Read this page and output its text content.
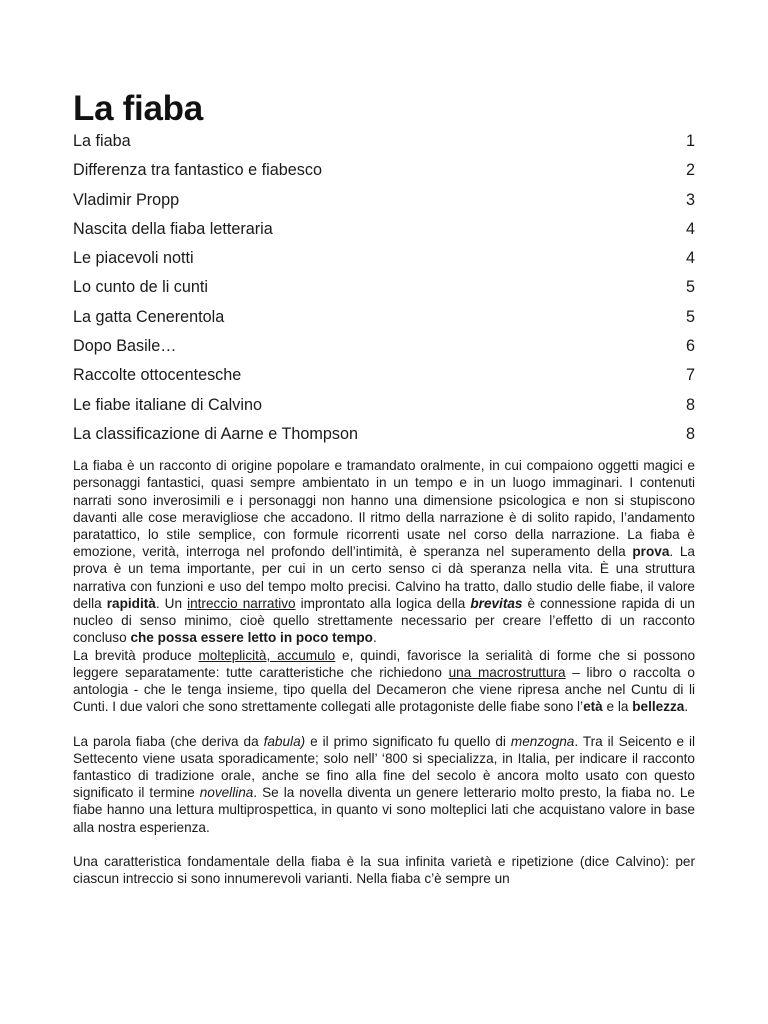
La fiaba
La fiaba	1
Differenza tra fantastico e fiabesco	2
Vladimir Propp	3
Nascita della fiaba letteraria	4
Le piacevoli notti	4
Lo cunto de li cunti	5
La gatta Cenerentola	5
Dopo Basile…	6
Raccolte ottocentesche	7
Le fiabe italiane di Calvino	8
La classificazione di Aarne e Thompson	8

La fiaba è un racconto di origine popolare e tramandato oralmente, in cui compaiono oggetti magici e personaggi fantastici, quasi sempre ambientato in un tempo e in un luogo immaginari. I contenuti narrati sono inverosimili e i personaggi non hanno una dimensione psicologica e non si stupiscono davanti alle cose meravigliose che accadono. Il ritmo della narrazione è di solito rapido, l’andamento paratattico, lo stile semplice, con formule ricorrenti usate nel corso della narrazione. La fiaba è emozione, verità, interroga nel profondo dell’intimità, è speranza nel superamento della prova. La prova è un tema importante, per cui in un certo senso ci dà speranza nella vita. È una struttura narrativa con funzioni e uso del tempo molto precisi. Calvino ha tratto, dallo studio delle fiabe, il valore della rapidità. Un intreccio narrativo improntato alla logica della brevitas è connessione rapida di un nucleo di senso minimo, cioè quello strettamente necessario per creare l’effetto di un racconto concluso che possa essere letto in poco tempo.

La brevità produce molteplicità, accumulo e, quindi, favorisce la serialità di forme che si possono leggere separatamente: tutte caratteristiche che richiedono una macrostruttura – libro o raccolta o antologia - che le tenga insieme, tipo quella del Decameron che viene ripresa anche nel Cuntu di li Cunti. I due valori che sono strettamente collegati alle protagoniste delle fiabe sono l’età e la bellezza.

La parola fiaba (che deriva da fabula) e il primo significato fu quello di menzogna. Tra il Seicento e il Settecento viene usata sporadicamente; solo nell’ ‘800 si specializza, in Italia, per indicare il racconto fantastico di tradizione orale, anche se fino alla fine del secolo è ancora molto usato con questo significato il termine novellina. Se la novella diventa un genere letterario molto presto, la fiaba no. Le fiabe hanno una lettura multiprospettica, in quanto vi sono molteplici lati che acquistano valore in base alla nostra esperienza.

Una caratteristica fondamentale della fiaba è la sua infinita varietà e ripetizione (dice Calvino): per ciascun intreccio si sono innumerevoli varianti. Nella fiaba c’è sempre un
